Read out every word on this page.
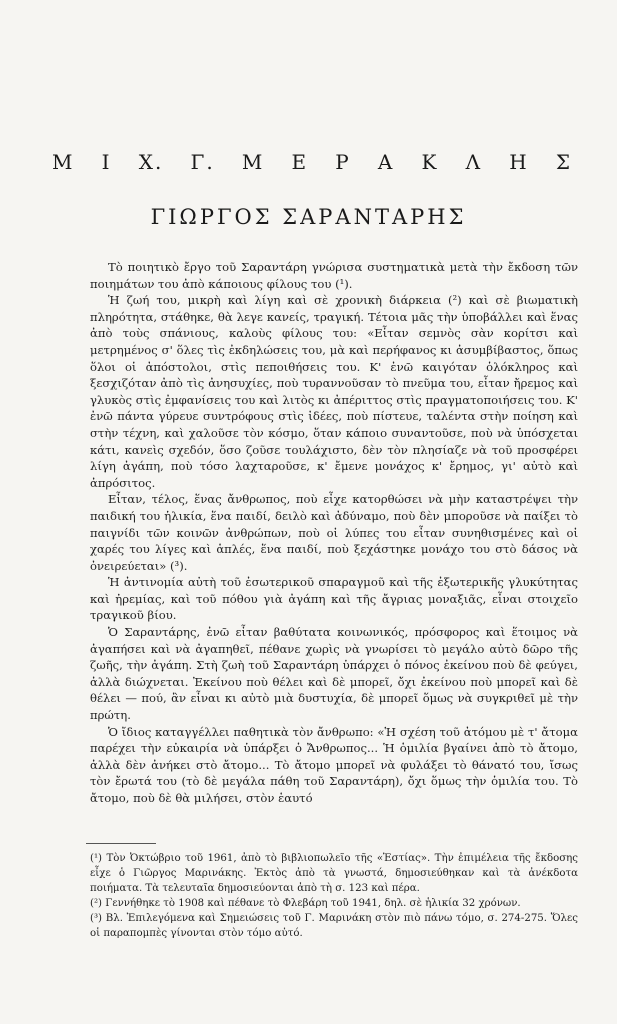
Μ Ι Χ. Γ. Μ Ε Ρ Α Κ Λ Η Σ
ΓΙΩΡΓΟΣ ΣΑΡΑΝΤΑΡΗΣ

Τὸ ποιητικὸ ἔργο τοῦ Σαραντάρη γνώρισα συστηματικὰ μετὰ τὴν ἔκδοση τῶν ποιημάτων του ἀπὸ κάποιους φίλους του (¹).

Ἡ ζωή του, μικρὴ καὶ λίγη καὶ σὲ χρονικὴ διάρκεια (²) καὶ σὲ βιωματικὴ πληρότητα, στάθηκε, θὰ λεγε κανείς, τραγική. Τέτοια μᾶς τὴν ὑποβάλλει καὶ ἕνας ἀπὸ τοὺς σπάνιους, καλοὺς φίλους του: «Εἶταν σεμνὸς σὰν κορίτσι καὶ μετρημένος σ' ὅλες τὶς ἐκδηλώσεις του, μὰ καὶ περήφανος κι ἀσυμβίβαστος, ὅπως ὅλοι οἱ ἀπόστολοι, στὶς πεποιθήσεις του. Κ' ἐνῶ καιγόταν ὁλόκληρος καὶ ξεσχιζόταν ἀπὸ τὶς ἀνησυχίες, ποὺ τυραννοῦσαν τὸ πνεῦμα του, εἶταν ἤρεμος καὶ γλυκὸς στὶς ἐμφανίσεις του καὶ λιτὸς κι ἀπέριττος στὶς πραγματοποιήσεις του. Κ' ἐνῶ πάντα γύρευε συντρόφους στὶς ἰδέες, ποὺ πίστευε, ταλέντα στὴν ποίηση καὶ στὴν τέχνη, καὶ χαλοῦσε τὸν κόσμο, ὅταν κάποιο συναντοῦσε, ποὺ νὰ ὑπόσχεται κάτι, κανεὶς σχεδόν, ὅσο ζοῦσε τουλάχιστο, δὲν τὸν πλησίαζε νὰ τοῦ προσφέρει λίγη ἀγάπη, ποὺ τόσο λαχταροῦσε, κ' ἔμενε μονάχος κ' ἔρημος, γι' αὐτὸ καὶ ἀπρόσιτος.

Εἶταν, τέλος, ἕνας ἄνθρωπος, ποὺ εἶχε κατορθώσει νὰ μὴν καταστρέψει τὴν παιδική του ἡλικία, ἕνα παιδί, δειλὸ καὶ ἀδύναμο, ποὺ δὲν μποροῦσε νὰ παίξει τὸ παιγνίδι τῶν κοινῶν ἀνθρώπων, ποὺ οἱ λύπες του εἶταν συνηθισμένες καὶ οἱ χαρές του λίγες καὶ ἁπλές, ἕνα παιδί, ποὺ ξεχάστηκε μονάχο του στὸ δάσος νὰ ὀνειρεύεται» (³).

Ἡ ἀντινομία αὐτὴ τοῦ ἐσωτερικοῦ σπαραγμοῦ καὶ τῆς ἐξωτερικῆς γλυκύτητας καὶ ἠρεμίας, καὶ τοῦ πόθου γιὰ ἀγάπη καὶ τῆς ἄγριας μοναξιᾶς, εἶναι στοιχεῖο τραγικοῦ βίου.

Ὁ Σαραντάρης, ἐνῶ εἶταν βαθύτατα κοινωνικός, πρόσφορος καὶ ἕτοιμος νὰ ἀγαπήσει καὶ νὰ ἀγαπηθεῖ, πέθανε χωρὶς νὰ γνωρίσει τὸ μεγάλο αὐτὸ δῶρο τῆς ζωῆς, τὴν ἀγάπη. Στὴ ζωὴ τοῦ Σαραντάρη ὑπάρχει ὁ πόνος ἐκείνου ποὺ δὲ φεύγει, ἀλλὰ διώχνεται. Ἐκείνου ποὺ θέλει καὶ δὲ μπορεῖ, ὄχι ἐκείνου ποὺ μπορεῖ καὶ δὲ θέλει — πού, ἂν εἶναι κι αὐτὸ μιὰ δυστυχία, δὲ μπορεῖ ὅμως νὰ συγκριθεῖ μὲ τὴν πρώτη.

Ὁ ἴδιος καταγγέλλει παθητικὰ τὸν ἄνθρωπο: «Ἡ σχέση τοῦ ἀτόμου μὲ τ' ἄτομα παρέχει τὴν εὐκαιρία νὰ ὑπάρξει ὁ Ἄνθρωπος... Ἡ ὁμιλία βγαίνει ἀπὸ τὸ ἄτομο, ἀλλὰ δὲν ἀνήκει στὸ ἄτομο... Τὸ ἄτομο μπορεῖ νὰ φυλάξει τὸ θάνατό του, ἴσως τὸν ἔρωτά του (τὸ δὲ μεγάλα πάθη τοῦ Σαραντάρη), ὄχι ὅμως τὴν ὁμιλία του. Τὸ ἄτομο, ποὺ δὲ θὰ μιλήσει, στὸν ἑαυτό

(¹) Τὸν Ὀκτώβριο τοῦ 1961, ἀπὸ τὸ βιβλιοπωλεῖο τῆς «Ἑστίας». Τὴν ἐπιμέλεια τῆς ἔκδοσης εἶχε ὁ Γιῶργος Μαρινάκης. Ἐκτὸς ἀπὸ τὰ γνωστά, δημοσιεύθηκαν καὶ τὰ ἀνέκδοτα ποιήματα. Τὰ τελευταῖα δημοσιεύονται ἀπὸ τὴ σ. 123 καὶ πέρα.

(²) Γεννήθηκε τὸ 1908 καὶ πέθανε τὸ Φλεβάρη τοῦ 1941, δηλ. σὲ ἡλικία 32 χρόνων.

(³) Βλ. Ἐπιλεγόμενα καὶ Σημειώσεις τοῦ Γ. Μαρινάκη στὸν πιὸ πάνω τόμο, σ. 274-275. Ὅλες οἱ παραπομπὲς γίνονται στὸν τόμο αὐτό.
